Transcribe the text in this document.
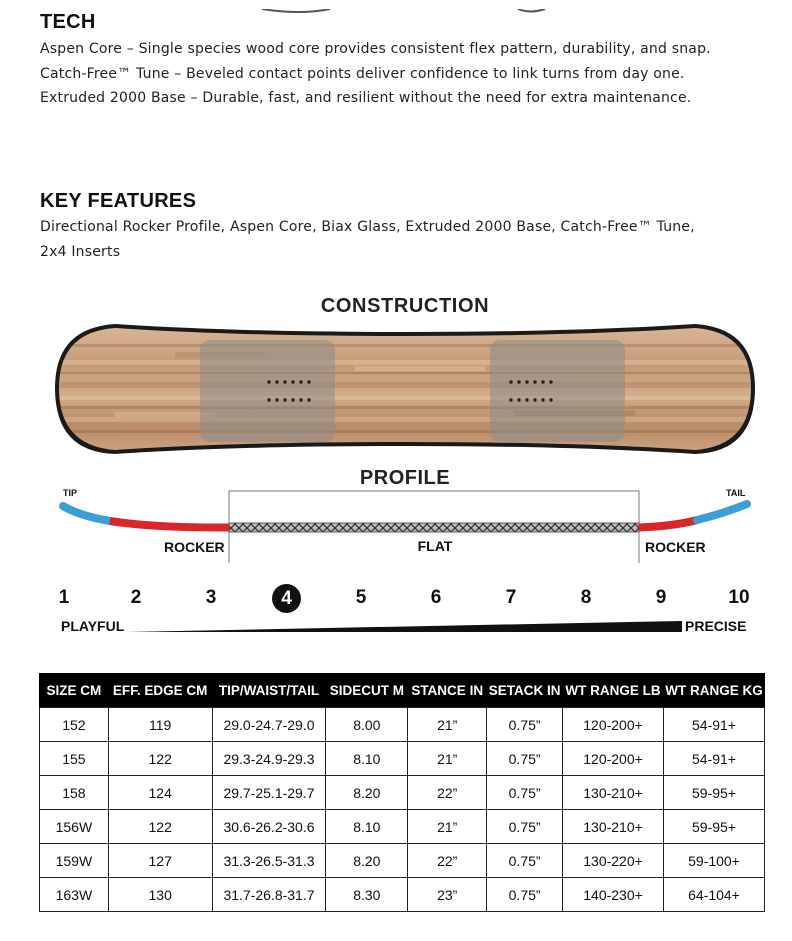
TECH
Aspen Core – Single species wood core provides consistent flex pattern, durability, and snap.
Catch-Free™ Tune – Beveled contact points deliver confidence to link turns from day one.
Extruded 2000 Base – Durable, fast, and resilient without the need for extra maintenance.
KEY FEATURES
Directional Rocker Profile, Aspen Core, Biax Glass, Extruded 2000 Base, Catch-Free™ Tune,
2x4 Inserts
CONSTRUCTION
PROFILE
TIP	TAIL
ROCKER	FLAT	ROCKER
1	2	3	4	5	6	7	8	9	10
PLAYFUL	PRECISE
SIZE CM	EFF. EDGE CM	TIP/WAIST/TAIL	SIDECUT M	STANCE IN	SETACK IN	WT RANGE LB	WT RANGE KG
152	119	29.0-24.7-29.0	8.00	21”	0.75”	120-200+	54-91+
155	122	29.3-24.9-29.3	8.10	21”	0.75”	120-200+	54-91+
158	124	29.7-25.1-29.7	8.20	22”	0.75”	130-210+	59-95+
156W	122	30.6-26.2-30.6	8.10	21”	0.75”	130-210+	59-95+
159W	127	31.3-26.5-31.3	8.20	22”	0.75”	130-220+	59-100+
163W	130	31.7-26.8-31.7	8.30	23”	0.75”	140-230+	64-104+
